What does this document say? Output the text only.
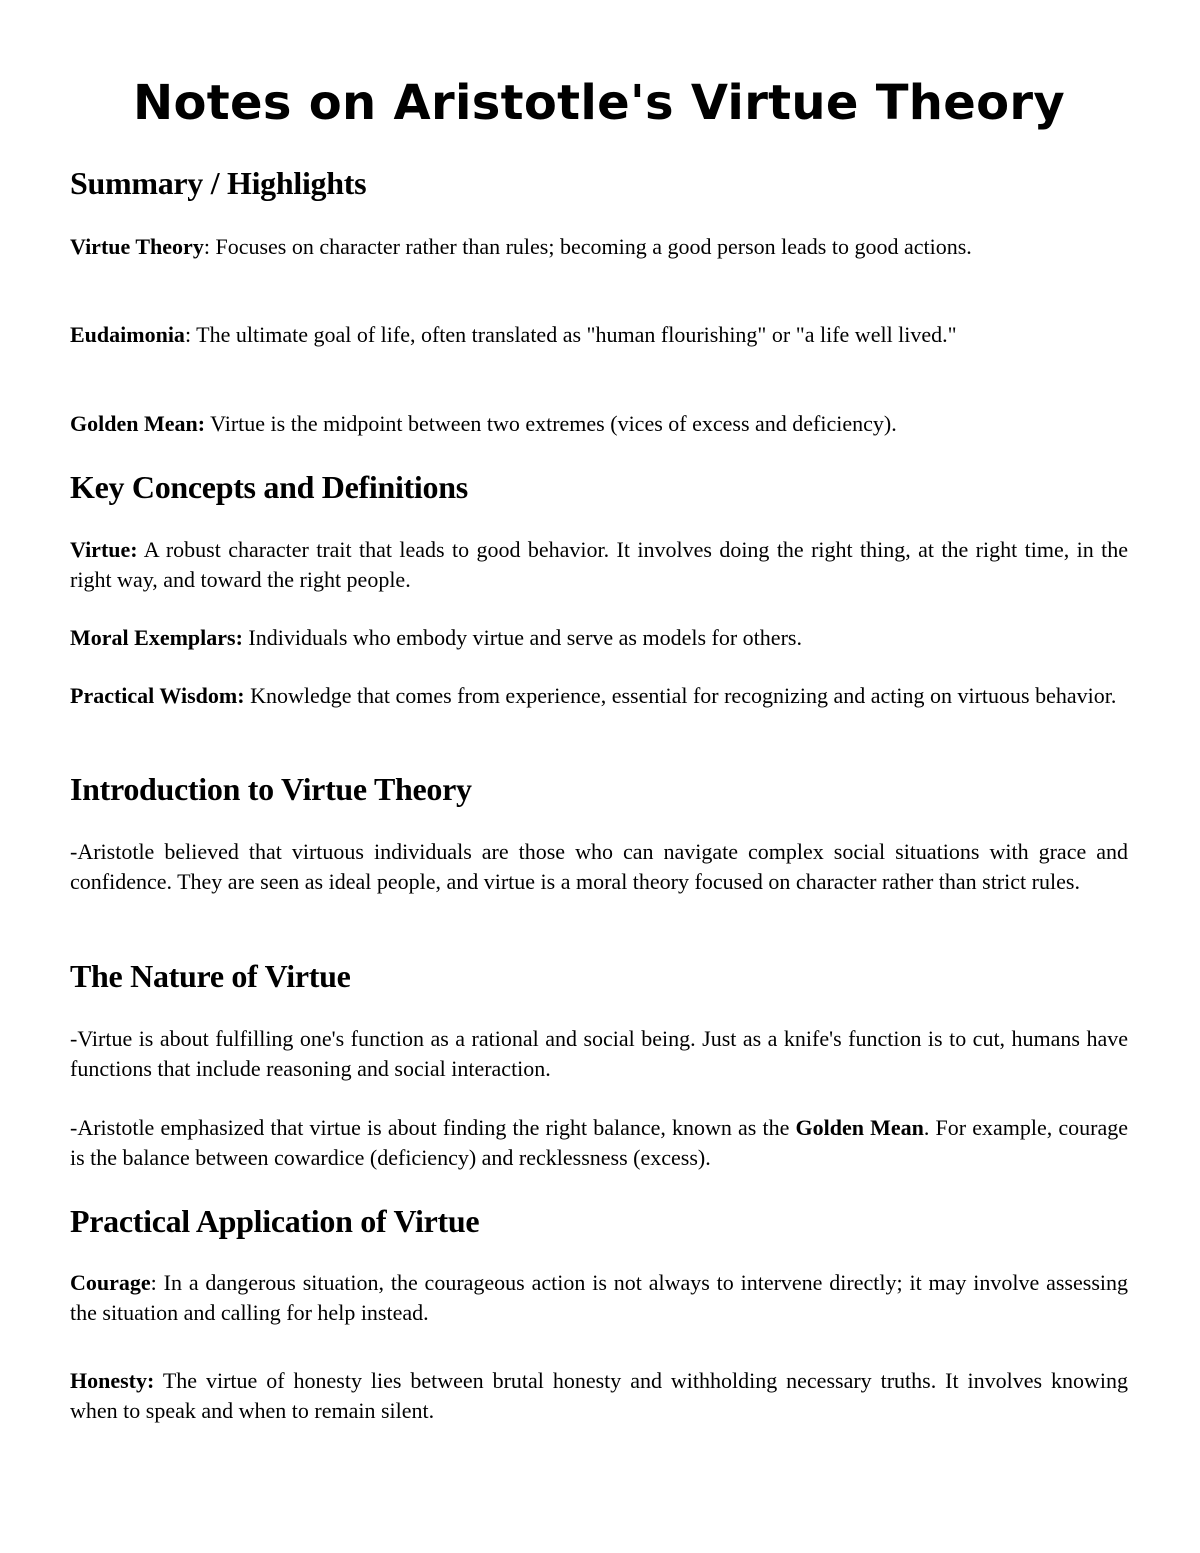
Notes on Aristotle's Virtue Theory
Summary / Highlights

Virtue Theory: Focuses on character rather than rules; becoming a good person leads to good actions.

Eudaimonia: The ultimate goal of life, often translated as "human flourishing" or "a life well lived."

Golden Mean: Virtue is the midpoint between two extremes (vices of excess and deficiency).

Key Concepts and Definitions

Virtue: A robust character trait that leads to good behavior. It involves doing the right thing, at the right time, in the right way, and toward the right people.

Moral Exemplars: Individuals who embody virtue and serve as models for others.

Practical Wisdom: Knowledge that comes from experience, essential for recognizing and acting on virtuous behavior.

Introduction to Virtue Theory

-Aristotle believed that virtuous individuals are those who can navigate complex social situations with grace and confidence. They are seen as ideal people, and virtue is a moral theory focused on character rather than strict rules.

The Nature of Virtue

-Virtue is about fulfilling one's function as a rational and social being. Just as a knife's function is to cut, humans have functions that include reasoning and social interaction.

-Aristotle emphasized that virtue is about finding the right balance, known as the Golden Mean. For example, courage is the balance between cowardice (deficiency) and recklessness (excess).

Practical Application of Virtue

Courage: In a dangerous situation, the courageous action is not always to intervene directly; it may involve assessing the situation and calling for help instead.

Honesty: The virtue of honesty lies between brutal honesty and withholding necessary truths. It involves knowing when to speak and when to remain silent.
